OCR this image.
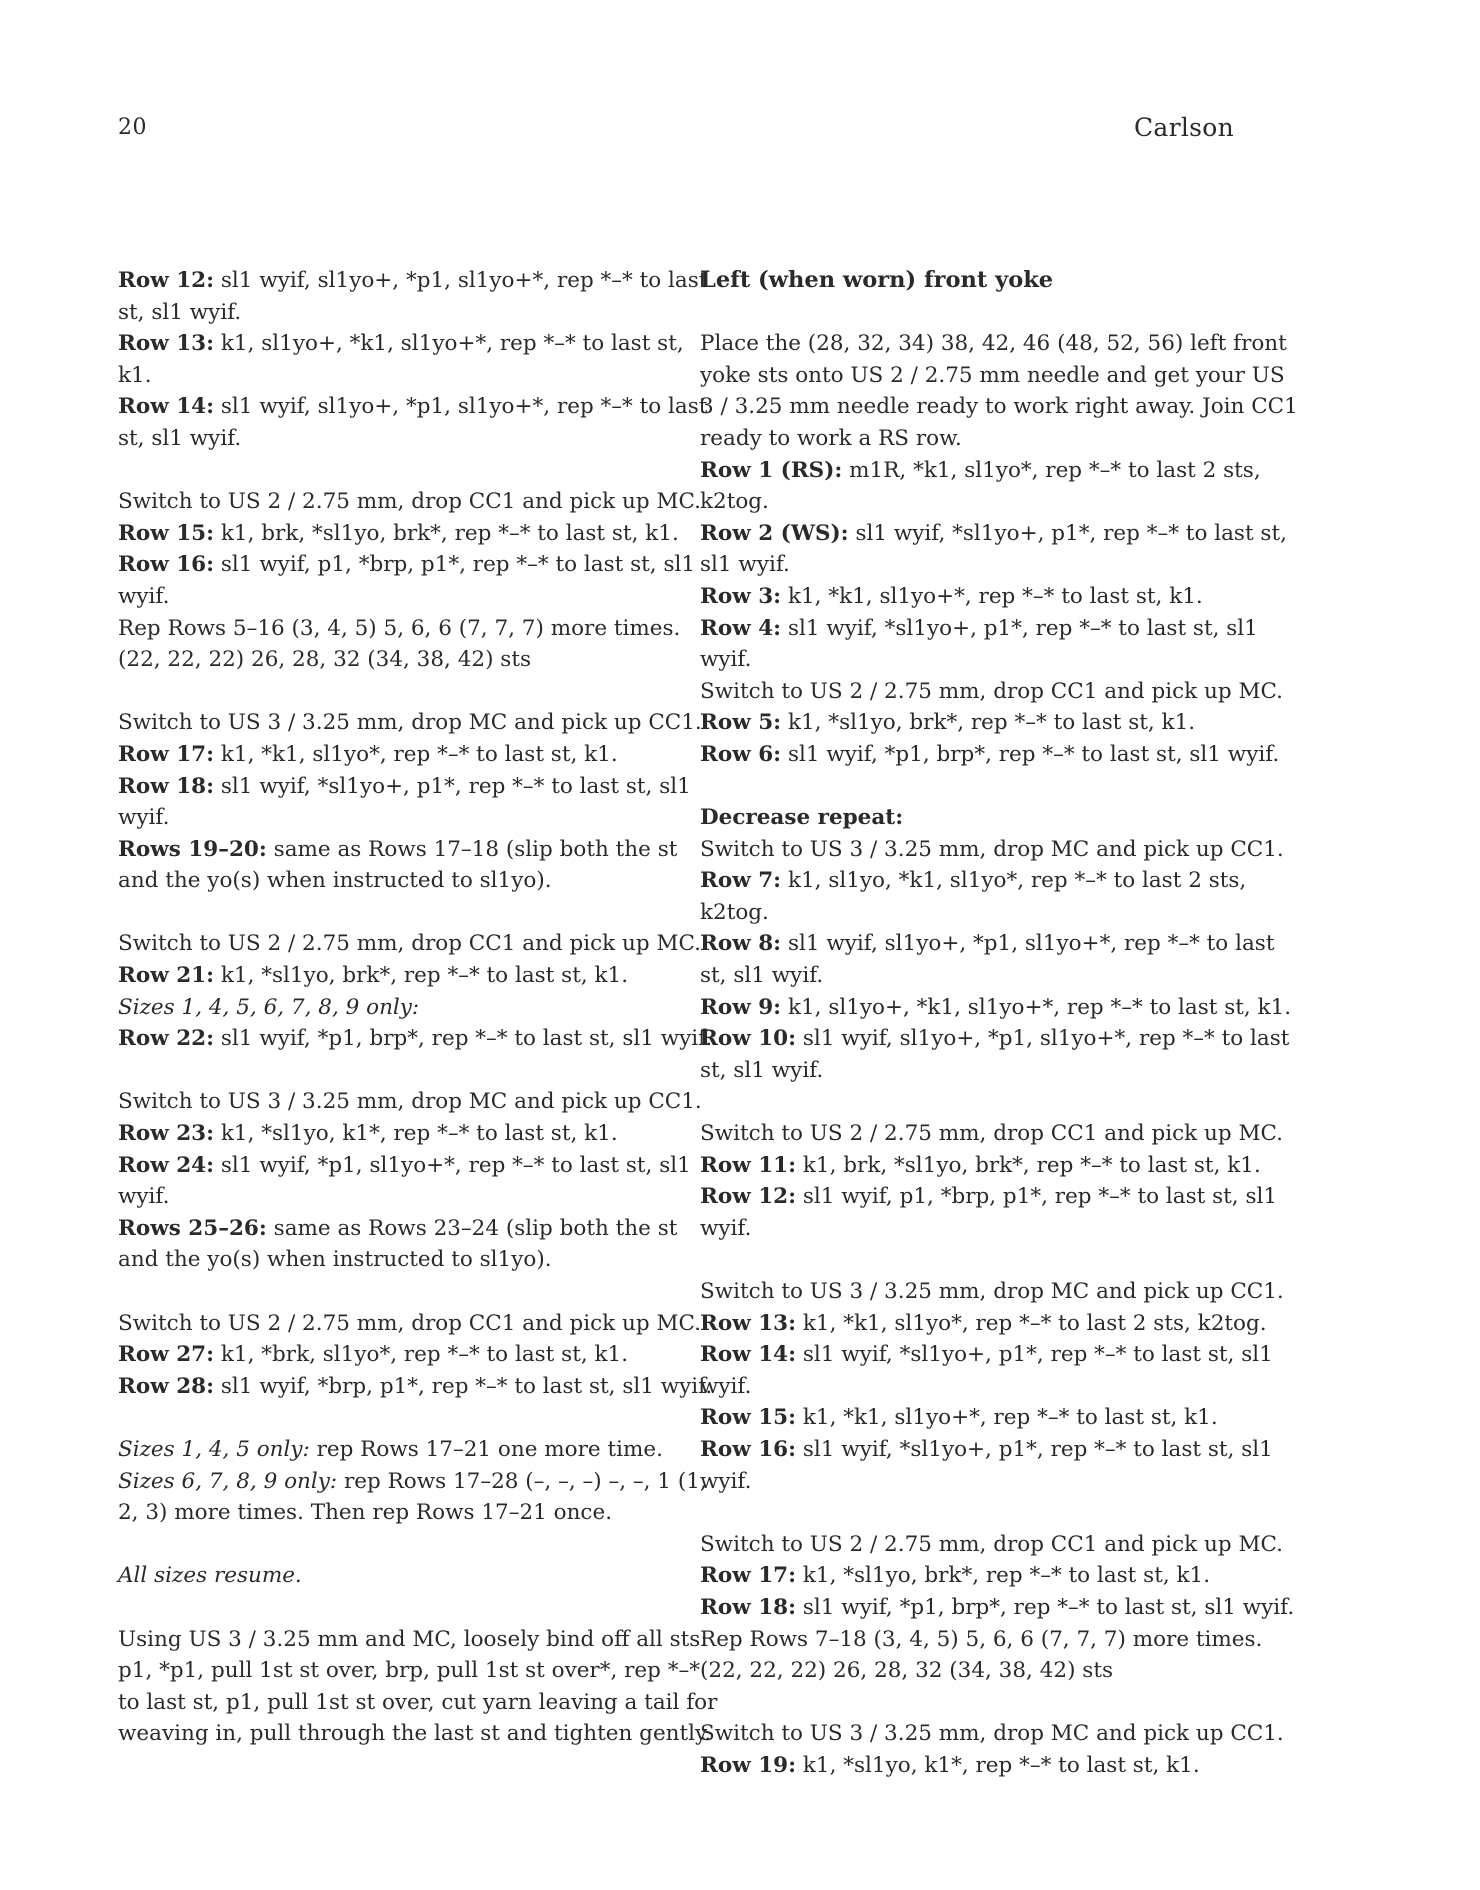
20	Carlson
Row 12: sl1 wyif, sl1yo+, *p1, sl1yo+*, rep *–* to last st, sl1 wyif.
Row 13: k1, sl1yo+, *k1, sl1yo+*, rep *–* to last st, k1.
Row 14: sl1 wyif, sl1yo+, *p1, sl1yo+*, rep *–* to last st, sl1 wyif.
Switch to US 2 / 2.75 mm, drop CC1 and pick up MC.
Row 15: k1, brk, *sl1yo, brk*, rep *–* to last st, k1.
Row 16: sl1 wyif, p1, *brp, p1*, rep *–* to last st, sl1 wyif.
Rep Rows 5–16 (3, 4, 5) 5, 6, 6 (7, 7, 7) more times.
(22, 22, 22) 26, 28, 32 (34, 38, 42) sts
Switch to US 3 / 3.25 mm, drop MC and pick up CC1.
Row 17: k1, *k1, sl1yo*, rep *–* to last st, k1.
Row 18: sl1 wyif, *sl1yo+, p1*, rep *–* to last st, sl1 wyif.
Rows 19–20: same as Rows 17–18 (slip both the st and the yo(s) when instructed to sl1yo).
Switch to US 2 / 2.75 mm, drop CC1 and pick up MC.
Row 21: k1, *sl1yo, brk*, rep *–* to last st, k1.
Sizes 1, 4, 5, 6, 7, 8, 9 only:
Row 22: sl1 wyif, *p1, brp*, rep *–* to last st, sl1 wyif.
Switch to US 3 / 3.25 mm, drop MC and pick up CC1.
Row 23: k1, *sl1yo, k1*, rep *–* to last st, k1.
Row 24: sl1 wyif, *p1, sl1yo+*, rep *–* to last st, sl1 wyif.
Rows 25–26: same as Rows 23–24 (slip both the st and the yo(s) when instructed to sl1yo).
Switch to US 2 / 2.75 mm, drop CC1 and pick up MC.
Row 27: k1, *brk, sl1yo*, rep *–* to last st, k1.
Row 28: sl1 wyif, *brp, p1*, rep *–* to last st, sl1 wyif.
Sizes 1, 4, 5 only: rep Rows 17–21 one more time.
Sizes 6, 7, 8, 9 only: rep Rows 17–28 (–, –, –) –, –, 1 (1, 2, 3) more times. Then rep Rows 17–21 once.
All sizes resume.
Using US 3 / 3.25 mm and MC, loosely bind off all sts: p1, *p1, pull 1st st over, brp, pull 1st st over*, rep *–* to last st, p1, pull 1st st over, cut yarn leaving a tail for weaving in, pull through the last st and tighten gently.
Left (when worn) front yoke
Place the (28, 32, 34) 38, 42, 46 (48, 52, 56) left front yoke sts onto US 2 / 2.75 mm needle and get your US 3 / 3.25 mm needle ready to work right away. Join CC1 ready to work a RS row.
Row 1 (RS): m1R, *k1, sl1yo*, rep *–* to last 2 sts, k2tog.
Row 2 (WS): sl1 wyif, *sl1yo+, p1*, rep *–* to last st, sl1 wyif.
Row 3: k1, *k1, sl1yo+*, rep *–* to last st, k1.
Row 4: sl1 wyif, *sl1yo+, p1*, rep *–* to last st, sl1 wyif.
Switch to US 2 / 2.75 mm, drop CC1 and pick up MC.
Row 5: k1, *sl1yo, brk*, rep *–* to last st, k1.
Row 6: sl1 wyif, *p1, brp*, rep *–* to last st, sl1 wyif.
Decrease repeat:
Switch to US 3 / 3.25 mm, drop MC and pick up CC1.
Row 7: k1, sl1yo, *k1, sl1yo*, rep *–* to last 2 sts, k2tog.
Row 8: sl1 wyif, sl1yo+, *p1, sl1yo+*, rep *–* to last st, sl1 wyif.
Row 9: k1, sl1yo+, *k1, sl1yo+*, rep *–* to last st, k1.
Row 10: sl1 wyif, sl1yo+, *p1, sl1yo+*, rep *–* to last st, sl1 wyif.
Switch to US 2 / 2.75 mm, drop CC1 and pick up MC.
Row 11: k1, brk, *sl1yo, brk*, rep *–* to last st, k1.
Row 12: sl1 wyif, p1, *brp, p1*, rep *–* to last st, sl1 wyif.
Switch to US 3 / 3.25 mm, drop MC and pick up CC1.
Row 13: k1, *k1, sl1yo*, rep *–* to last 2 sts, k2tog.
Row 14: sl1 wyif, *sl1yo+, p1*, rep *–* to last st, sl1 wyif.
Row 15: k1, *k1, sl1yo+*, rep *–* to last st, k1.
Row 16: sl1 wyif, *sl1yo+, p1*, rep *–* to last st, sl1 wyif.
Switch to US 2 / 2.75 mm, drop CC1 and pick up MC.
Row 17: k1, *sl1yo, brk*, rep *–* to last st, k1.
Row 18: sl1 wyif, *p1, brp*, rep *–* to last st, sl1 wyif.
Rep Rows 7–18 (3, 4, 5) 5, 6, 6 (7, 7, 7) more times.
(22, 22, 22) 26, 28, 32 (34, 38, 42) sts
Switch to US 3 / 3.25 mm, drop MC and pick up CC1.
Row 19: k1, *sl1yo, k1*, rep *–* to last st, k1.
